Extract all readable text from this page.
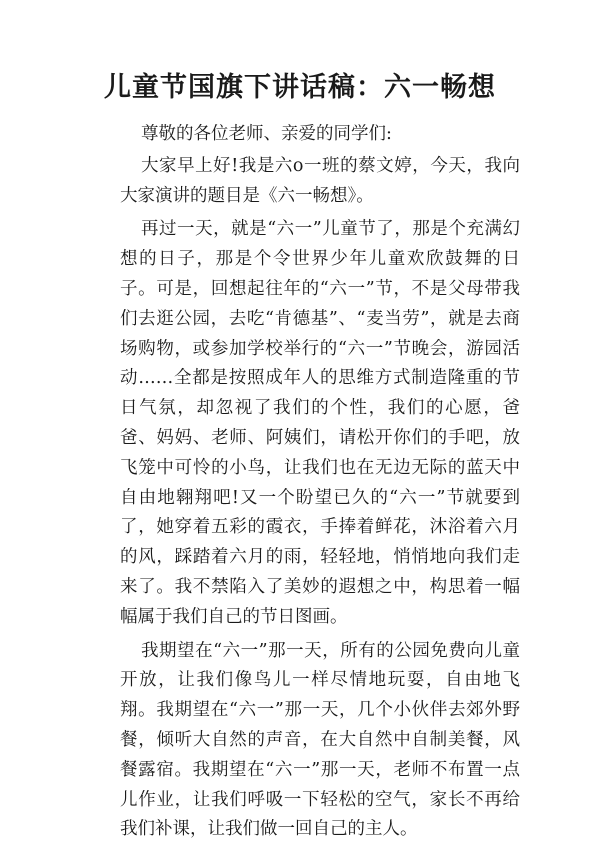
儿童节国旗下讲话稿：六一畅想

尊敬的各位老师、亲爱的同学们:

大家早上好!我是六ο一班的蔡文婷，今天，我向大家演讲的题目是《六一畅想》。

再过一天，就是“六一”儿童节了，那是个充满幻想的日子，那是个令世界少年儿童欢欣鼓舞的日子。可是，回想起往年的“六一”节，不是父母带我们去逛公园，去吃“肯德基”、“麦当劳”，就是去商场购物，或参加学校举行的“六一”节晚会，游园活动……全都是按照成年人的思维方式制造隆重的节日气氛，却忽视了我们的个性，我们的心愿，爸爸、妈妈、老师、阿姨们，请松开你们的手吧，放飞笼中可怜的小鸟，让我们也在无边无际的蓝天中自由地翱翔吧!又一个盼望已久的“六一”节就要到了，她穿着五彩的霞衣，手捧着鲜花，沐浴着六月的风，踩踏着六月的雨，轻轻地，悄悄地向我们走来了。我不禁陷入了美妙的遐想之中，构思着一幅幅属于我们自己的节日图画。

我期望在“六一”那一天，所有的公园免费向儿童开放，让我们像鸟儿一样尽情地玩耍，自由地飞翔。我期望在“六一”那一天，几个小伙伴去郊外野餐，倾听大自然的声音，在大自然中自制美餐，风餐露宿。我期望在“六一”那一天，老师不布置一点儿作业，让我们呼吸一下轻松的空气，家长不再给我们补课，让我们做一回自己的主人。
